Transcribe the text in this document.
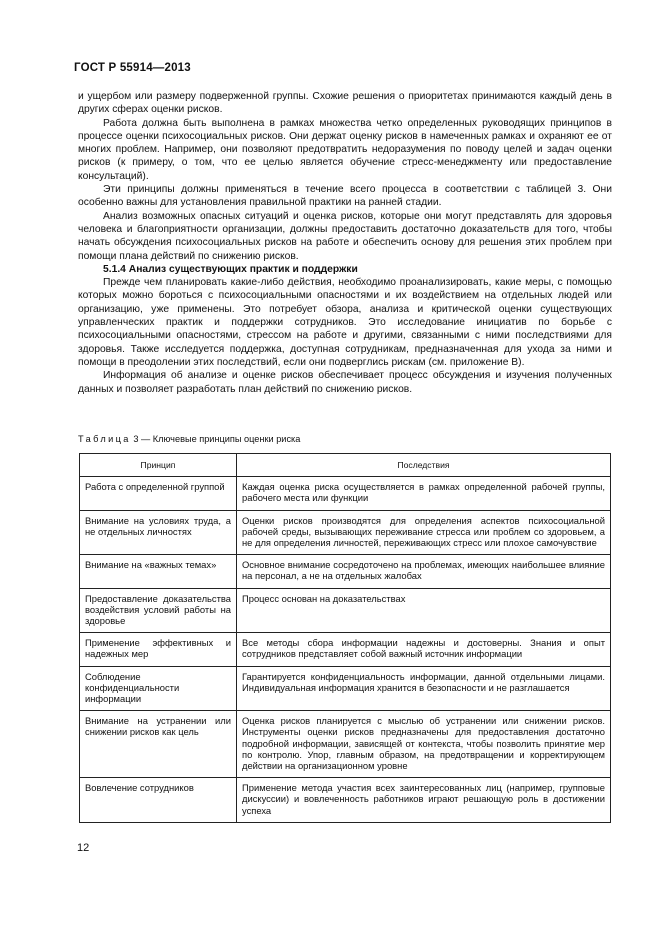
ГОСТ Р 55914—2013

и ущербом или размеру подверженной группы. Схожие решения о приоритетах принимаются каждый день в других сферах оценки рисков.

Работа должна быть выполнена в рамках множества четко определенных руководящих принципов в процессе оценки психосоциальных рисков. Они держат оценку рисков в намеченных рамках и охраняют ее от многих проблем. Например, они позволяют предотвратить недоразумения по поводу целей и задач оценки рисков (к примеру, о том, что ее целью является обучение стресс-менеджменту или предоставление консультаций).

Эти принципы должны применяться в течение всего процесса в соответствии с таблицей 3. Они особенно важны для установления правильной практики на ранней стадии.

Анализ возможных опасных ситуаций и оценка рисков, которые они могут представлять для здоровья человека и благоприятности организации, должны предоставить достаточно доказательств для того, чтобы начать обсуждения психосоциальных рисков на работе и обеспечить основу для решения этих проблем при помощи плана действий по снижению рисков.

5.1.4 Анализ существующих практик и поддержки

Прежде чем планировать какие-либо действия, необходимо проанализировать, какие меры, с помощью которых можно бороться с психосоциальными опасностями и их воздействием на отдельных людей или организацию, уже применены. Это потребует обзора, анализа и критической оценки существующих управленческих практик и поддержки сотрудников. Это исследование инициатив по борьбе с психосоциальными опасностями, стрессом на работе и другими, связанными с ними последствиями для здоровья. Также исследуется поддержка, доступная сотрудникам, предназначенная для ухода за ними и помощи в преодолении этих последствий, если они подверглись рискам (см. приложение В).

Информация об анализе и оценке рисков обеспечивает процесс обсуждения и изучения полученных данных и позволяет разработать план действий по снижению рисков.

Таблица 3 — Ключевые принципы оценки риска
Принцип	Последствия
Работа с определенной группой	Каждая оценка риска осуществляется в рамках определенной рабочей группы, рабочего места или функции
Внимание на условиях труда, а не отдельных личностях	Оценки рисков производятся для определения аспектов психосоциальной рабочей среды, вызывающих переживание стресса или проблем со здоровьем, а не для определения личностей, переживающих стресс или плохое самочувствие
Внимание на «важных темах»	Основное внимание сосредоточено на проблемах, имеющих наибольшее влияние на персонал, а не на отдельных жалобах
Предоставление доказательства воздействия условий работы на здоровье	Процесс основан на доказательствах
Применение эффективных и надежных мер	Все методы сбора информации надежны и достоверны. Знания и опыт сотрудников представляет собой важный источник информации
Соблюдение конфиденциальности информации	Гарантируется конфиденциальность информации, данной отдельными лицами. Индивидуальная информация хранится в безопасности и не разглашается
Внимание на устранении или снижении рисков как цель	Оценка рисков планируется с мыслью об устранении или снижении рисков. Инструменты оценки рисков предназначены для предоставления достаточно подробной информации, зависящей от контекста, чтобы позволить принятие мер по контролю. Упор, главным образом, на предотвращении и корректирующем действии на организационном уровне
Вовлечение сотрудников	Применение метода участия всех заинтересованных лиц (например, групповые дискуссии) и вовлеченность работников играют решающую роль в достижении успеха
12
